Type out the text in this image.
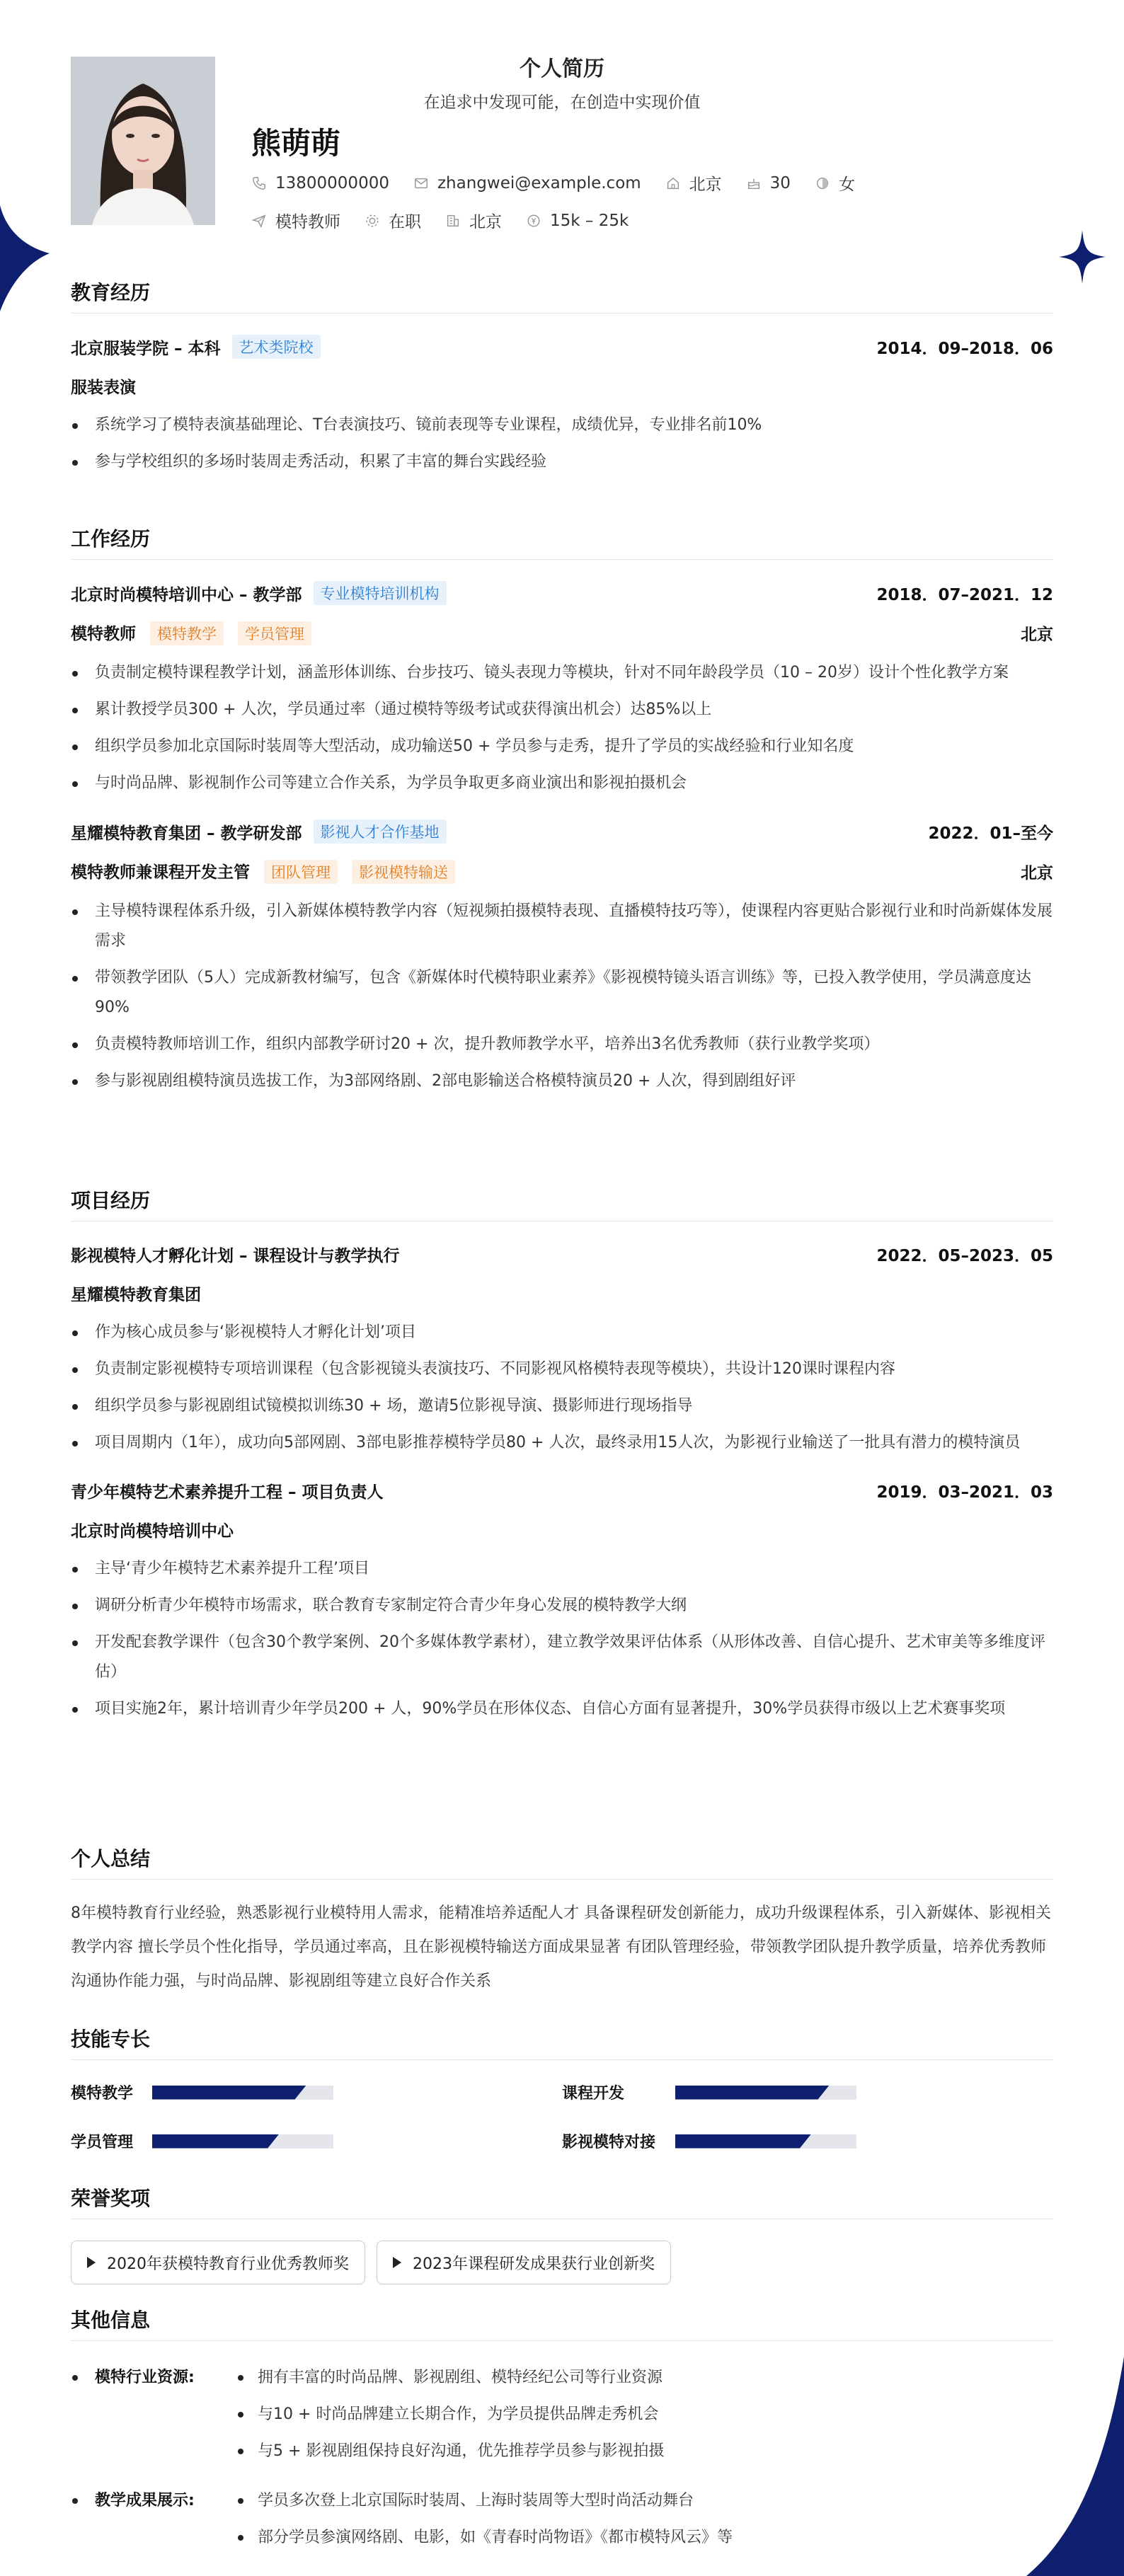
个人简历
在追求中发现可能，在创造中实现价值
熊萌萌
13800000000	zhangwei@example.com	北京	30	女
模特教师	在职	北京	15k – 25k
教育经历
北京服装学院 – 本科	艺术类院校	2014．09–2018．06
服装表演
系统学习了模特表演基础理论、T台表演技巧、镜前表现等专业课程，成绩优异，专业排名前10%
参与学校组织的多场时装周走秀活动，积累了丰富的舞台实践经验
工作经历
北京时尚模特培训中心 – 教学部	专业模特培训机构	2018．07–2021．12
模特教师 模特教学 学员管理	北京
负责制定模特课程教学计划，涵盖形体训练、台步技巧、镜头表现力等模块，针对不同年龄段学员（10 – 20岁）设计个性化教学方案
累计教授学员300 + 人次，学员通过率（通过模特等级考试或获得演出机会）达85%以上
组织学员参加北京国际时装周等大型活动，成功输送50 + 学员参与走秀，提升了学员的实战经验和行业知名度
与时尚品牌、影视制作公司等建立合作关系，为学员争取更多商业演出和影视拍摄机会
星耀模特教育集团 – 教学研发部	影视人才合作基地	2022．01–至今
模特教师兼课程开发主管 团队管理 影视模特输送	北京
主导模特课程体系升级，引入新媒体模特教学内容（短视频拍摄模特表现、直播模特技巧等），使课程内容更贴合影视行业和时尚新媒体发展需求
带领教学团队（5人）完成新教材编写，包含《新媒体时代模特职业素养》《影视模特镜头语言训练》等，已投入教学使用，学员满意度达90%
负责模特教师培训工作，组织内部教学研讨20 + 次，提升教师教学水平，培养出3名优秀教师（获行业教学奖项）
参与影视剧组模特演员选拔工作，为3部网络剧、2部电影输送合格模特演员20 + 人次，得到剧组好评
项目经历
影视模特人才孵化计划 – 课程设计与教学执行	2022．05–2023．05
星耀模特教育集团
作为核心成员参与‘影视模特人才孵化计划’项目
负责制定影视模特专项培训课程（包含影视镜头表演技巧、不同影视风格模特表现等模块），共设计120课时课程内容
组织学员参与影视剧组试镜模拟训练30 + 场，邀请5位影视导演、摄影师进行现场指导
项目周期内（1年），成功向5部网剧、3部电影推荐模特学员80 + 人次，最终录用15人次，为影视行业输送了一批具有潜力的模特演员
青少年模特艺术素养提升工程 – 项目负责人	2019．03–2021．03
北京时尚模特培训中心
主导‘青少年模特艺术素养提升工程’项目
调研分析青少年模特市场需求，联合教育专家制定符合青少年身心发展的模特教学大纲
开发配套教学课件（包含30个教学案例、20个多媒体教学素材），建立教学效果评估体系（从形体改善、自信心提升、艺术审美等多维度评估）
项目实施2年，累计培训青少年学员200 + 人，90%学员在形体仪态、自信心方面有显著提升，30%学员获得市级以上艺术赛事奖项
个人总结
8年模特教育行业经验，熟悉影视行业模特用人需求，能精准培养适配人才 具备课程研发创新能力，成功升级课程体系，引入新媒体、影视相关教学内容 擅长学员个性化指导，学员通过率高，且在影视模特输送方面成果显著 有团队管理经验，带领教学团队提升教学质量，培养优秀教师 沟通协作能力强，与时尚品牌、影视剧组等建立良好合作关系
技能专长
模特教学	课程开发
学员管理	影视模特对接
荣誉奖项
2020年获模特教育行业优秀教师奖	2023年课程研发成果获行业创新奖
其他信息
模特行业资源:	拥有丰富的时尚品牌、影视剧组、模特经纪公司等行业资源
与10 + 时尚品牌建立长期合作，为学员提供品牌走秀机会
与5 + 影视剧组保持良好沟通，优先推荐学员参与影视拍摄
教学成果展示:	学员多次登上北京国际时装周、上海时装周等大型时尚活动舞台
部分学员参演网络剧、电影，如《青春时尚物语》《都市模特风云》等
